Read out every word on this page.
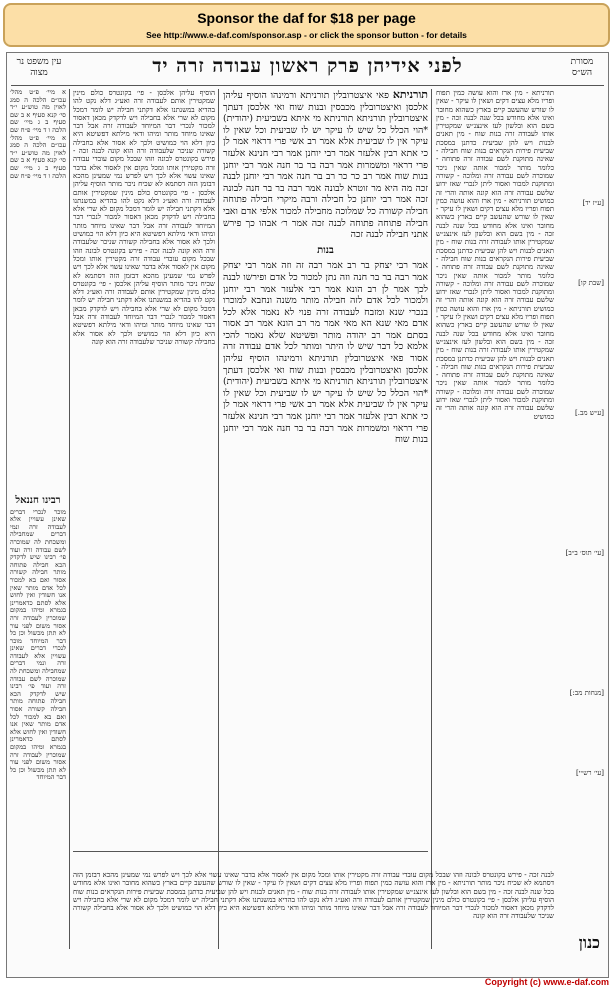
Sponsor the daf for $18 per page
See http://www.e-daf.com/sponsor.asp - or click the sponsor button - for details
מסורת הש״ס
לפני אידיהן פרק ראשון עבודה זרה יד
עין משפט נר מצוה
[ע״ז יד]
[שבת קו]
[ע״ש מב.]
[עי׳ תוס׳ ב״ב]
[מנחות מב:]
[עי׳ רש״י]
תורניתא - מין ארז והוא עושה כמין תפוח ופריו מלא עצים דקים ושאין לו עיקר - שאין לו שורש שהעשב קיים בארץ כשהוא מחובר ואינו אלא מחודש בכל שנה לבנה זכה - מין בשם הוא ובלשון לעז אינצנ״ש שמקטירין אותו לעבודה זרה בנות שוח - מין תאנים לבנות ויש להן שביעית כדתנן במסכת שביעית פירות הנקראים בנות שוח חבילה - שאינה מתוקנת לשם עבודה זרה פתוחה - כלומר מותר למכור אותה שאין ניכר שמוכרה לשם עבודה זרה ומלוכה - קשורה ומתוקנת למכור ואסור ליתן לנכרי שאז ידוע שלשם עבודה זרה הוא קונה אותה והרי זה כמושיט תורניתא - מין ארז והוא עושה כמין תפוח ופריו מלא עצים דקים ושאין לו עיקר - שאין לו שורש שהעשב קיים בארץ כשהוא מחובר ואינו אלא מחודש בכל שנה לבנה זכה - מין בשם הוא ובלשון לעז אינצנ״ש שמקטירין אותו לעבודה זרה בנות שוח - מין תאנים לבנות ויש להן שביעית כדתנן במסכת שביעית פירות הנקראים בנות שוח חבילה - שאינה מתוקנת לשם עבודה זרה פתוחה - כלומר מותר למכור אותה שאין ניכר שמוכרה לשם עבודה זרה ומלוכה - קשורה ומתוקנת למכור ואסור ליתן לנכרי שאז ידוע שלשם עבודה זרה הוא קונה אותה והרי זה כמושיט תורניתא - מין ארז והוא עושה כמין תפוח ופריו מלא עצים דקים ושאין לו עיקר - שאין לו שורש שהעשב קיים בארץ כשהוא מחובר ואינו אלא מחודש בכל שנה לבנה זכה - מין בשם הוא ובלשון לעז אינצנ״ש שמקטירין אותו לעבודה זרה בנות שוח - מין תאנים לבנות ויש להן שביעית כדתנן במסכת שביעית פירות הנקראים בנות שוח חבילה - שאינה מתוקנת לשם עבודה זרה פתוחה - כלומר מותר למכור אותה שאין ניכר שמוכרה לשם עבודה זרה ומלוכה - קשורה ומתוקנת למכור ואסור ליתן לנכרי שאז ידוע שלשם עבודה זרה הוא קונה אותה והרי זה כמושיט
תורניתא פאי איצטרובלין תורניתא ורמינהו הוסיף עליהן אלכסן ואיצטרובלין מכבסין ובנות שוח ואי אלכסן דעתך איצטרובלין תורניתא תורניתא מי איתא בשביעית (יהודית) *הוי הכלל כל שיש לו עיקר יש לו שביעית וכל שאין לו עיקר אין לו שביעית אלא אמר רב אשי פרי דראוי אמר לן כי אתא רבין אלעזר אמר רבי יוחנן אמר רבי חנינא אלעזר פרי דראוי ומשמרות אמר רבה בר בר חנה אמר רבי יוחנן בנות שוח אמר רב כר כר רב בר חנה אמר רבי יוחנן לבנה זכה מה היא מר זוטרא לבונה אמר רבה בר בר חנה לבונה זכה אמר רבי יוחנן כל חבילה ורבה מיקרי חבילה פתוחה חבילה קשורה כל שמלוכה מחבילה למכור אלפי אדם ואבי חבילה פתוחה פתוחה לבנה זכה אמר ר׳ אבהו כך פירש אתני חבילה לבנה זכה
בנות
אמר רבי יצחק בר רב אמר רבה זה וזה אמר רבי יצחק אמר רבה בר בר חנה וזה נתן למכור כל אדם ופירשו לבנה לכך אמר לן רב הונא אמר רבי אלעזר אמר רבי יוחנן ולמכור לכל אדם לזה חבילה מותר משנה ונחבא למוכרו בנכרי שנא ומזבח לעבודה זרה פנוי לא נאמר אלא לכל אדם מאי שנא הא מאי אמר מר רב הונא אמר רב אסור בסתם אמר רב יהודה מותר ופשיטא שלא נאמר להכי אלמא כל דבר שיש לו היתר ומותר לכל אדם עבודה זרה אסור פאי איצטרובלין תורניתא ורמינהו הוסיף עליהן אלכסן ואיצטרובלין מכבסין ובנות שוח ואי אלכסן דעתך איצטרובלין תורניתא תורניתא מי איתא בשביעית (יהודית) *הוי הכלל כל שיש לו עיקר יש לו שביעית וכל שאין לו עיקר אין לו שביעית אלא אמר רב אשי פרי דראוי אמר לן כי אתא רבין אלעזר אמר רבי יוחנן אמר רבי חנינא אלעזר פרי דראוי ומשמרות אמר רבה בר בר חנה אמר רבי יוחנן בנות שוח
הוסיף עליהן אלכסן - פי׳ בקונטרס כולם מינין שמקטירין אותם לעבודה זרה ואע״ג דלא נקט להו בהדיא במשנתנו אלא דקתני חבילה יש לומר דמכל מקום לא שרי אלא בחבילה ויש לדקדק מכאן דאסור למכור לנכרי דבר המיוחד לעבודה זרה אבל דבר שאינו מיוחד מותר ומיהו ודאי מילתא דפשיטא היא כיון דלא הוי כמושיט ולכך לא אסור אלא בחבילה קשורה שניכר שלעבודה זרה הוא קונה לבנה זכה - פירש בקונטרס לבונה וזהו שבכל מקום עובדי עבודה זרה מקטירין אותו ומכל מקום אין לאסור אלא בדבר שאינו עשוי אלא לכך ויש לפרש נמי שמעינן מהכא דבזמן הזה דסתמא לא שכיח ניכר מותר הוסיף עליהן אלכסן - פי׳ בקונטרס כולם מינין שמקטירין אותם לעבודה זרה ואע״ג דלא נקט להו בהדיא במשנתנו אלא דקתני חבילה יש לומר דמכל מקום לא שרי אלא בחבילה ויש לדקדק מכאן דאסור למכור לנכרי דבר המיוחד לעבודה זרה אבל דבר שאינו מיוחד מותר ומיהו ודאי מילתא דפשיטא היא כיון דלא הוי כמושיט ולכך לא אסור אלא בחבילה קשורה שניכר שלעבודה זרה הוא קונה לבנה זכה - פירש בקונטרס לבונה וזהו שבכל מקום עובדי עבודה זרה מקטירין אותו ומכל מקום אין לאסור אלא בדבר שאינו עשוי אלא לכך ויש לפרש נמי שמעינן מהכא דבזמן הזה דסתמא לא שכיח ניכר מותר הוסיף עליהן אלכסן - פי׳ בקונטרס כולם מינין שמקטירין אותם לעבודה זרה ואע״ג דלא נקט להו בהדיא במשנתנו אלא דקתני חבילה יש לומר דמכל מקום לא שרי אלא בחבילה ויש לדקדק מכאן דאסור למכור לנכרי דבר המיוחד לעבודה זרה אבל דבר שאינו מיוחד מותר ומיהו ודאי מילתא דפשיטא היא כיון דלא הוי כמושיט ולכך לא אסור אלא בחבילה קשורה שניכר שלעבודה זרה הוא קונה
א מיי׳ פ״ט מהל׳ עכו״ם הלכה ה סמג לאוין מה טוש״ע י״ד סי׳ קנא סעיף א ב שם סעיף ב ג מיי׳ שם הלכה ו ד מיי׳ פ״ח שם א מיי׳ פ״ט מהל׳ עכו״ם הלכה ה סמג לאוין מה טוש״ע י״ד סי׳ קנא סעיף א ב שם סעיף ב ג מיי׳ שם הלכה ו ד מיי׳ פ״ח שם
רבינו חננאל
מוכר לנכרי דברים שאינן עשויין אלא לעבודה זרה ונמי דברים שמחבילה ומשכחת לה שמוכרה לשם עבודה זרה ועוד פי׳ רבינו שיש לדקדק הכא חבילה פתוחה מותר חבילה קשורה אסור ואם בא למכור לכל אדם מותר שאין אנו חשודין ואין לחוש אלא לסתם כדאמרינן בגמרא ומיהו במקום שמוכרין לעבודה זרה אסור משום לפני עור לא תתן מכשול וכן כל דבר המיוחד מוכר לנכרי דברים שאינן עשויין אלא לעבודה זרה ונמי דברים שמחבילה ומשכחת לה שמוכרה לשם עבודה זרה ועוד פי׳ רבינו שיש לדקדק הכא חבילה פתוחה מותר חבילה קשורה אסור ואם בא למכור לכל אדם מותר שאין אנו חשודין ואין לחוש אלא לסתם כדאמרינן בגמרא ומיהו במקום שמוכרין לעבודה זרה אסור משום לפני עור לא תתן מכשול וכן כל דבר המיוחד
לבנה זכה - פירש בקונטרס לבונה וזהו שבכל מקום עובדי עבודה זרה מקטירין אותו ומכל מקום אין לאסור אלא בדבר שאינו עשוי אלא לכך ויש לפרש נמי שמעינן מהכא דבזמן הזה דסתמא לא שכיח ניכר מותר תורניתא - מין ארז והוא עושה כמין תפוח ופריו מלא עצים דקים ושאין לו עיקר - שאין לו שורש שהעשב קיים בארץ כשהוא מחובר ואינו אלא מחודש בכל שנה לבנה זכה - מין בשם הוא ובלשון לעז אינצנ״ש שמקטירין אותו לעבודה זרה בנות שוח - מין תאנים לבנות ויש להן שביעית כדתנן במסכת שביעית פירות הנקראים בנות שוח הוסיף עליהן אלכסן - פי׳ בקונטרס כולם מינין שמקטירין אותם לעבודה זרה ואע״ג דלא נקט להו בהדיא במשנתנו אלא דקתני חבילה יש לומר דמכל מקום לא שרי אלא בחבילה ויש לדקדק מכאן דאסור למכור לנכרי דבר המיוחד לעבודה זרה אבל דבר שאינו מיוחד מותר ומיהו ודאי מילתא דפשיטא היא כיון דלא הוי כמושיט ולכך לא אסור אלא בחבילה קשורה שניכר שלעבודה זרה הוא קונה
כנון
Copyright (c) www.e-daf.com
